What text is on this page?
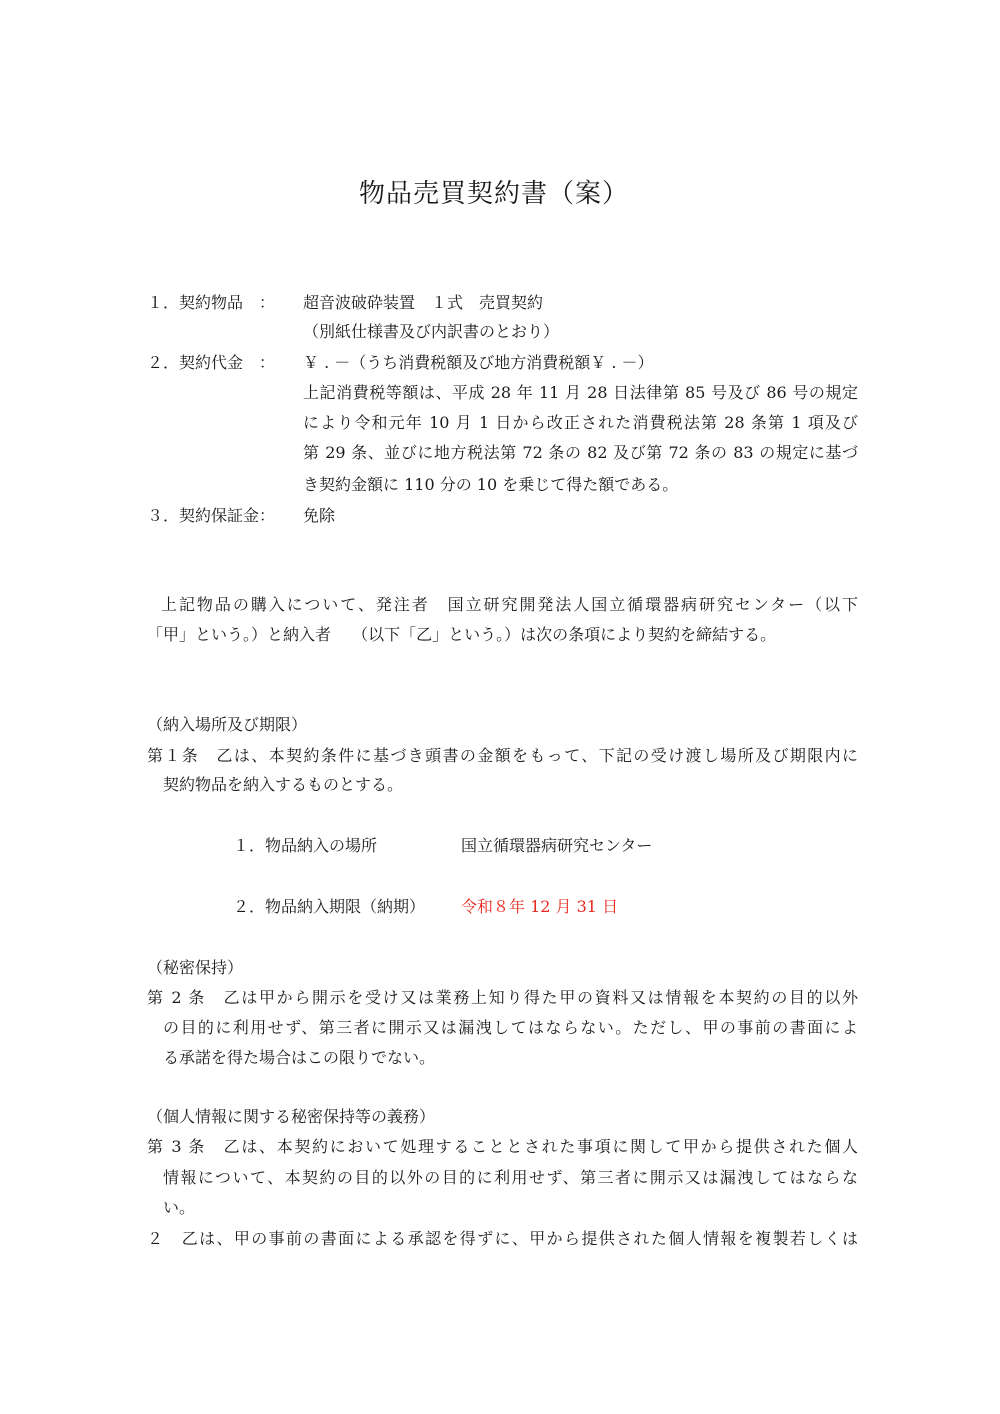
物品売買契約書（案）
１．契約物品　： 超音波破砕装置　１式　売買契約
（別紙仕様書及び内訳書のとおり）
２．契約代金　： ￥ . －（うち消費税額及び地方消費税額￥ . －）
上記消費税等額は、平成 28 年 11 月 28 日法律第 85 号及び 86 号の規定
により令和元年 10 月 1 日から改正された消費税法第 28 条第 1 項及び
第 29 条、並びに地方税法第 72 条の 82 及び第 72 条の 83 の規定に基づ
き契約金額に 110 分の 10 を乗じて得た額である。
３．契約保証金： 免除
上記物品の購入について、発注者　国立研究開発法人国立循環器病研究センター（以下
「甲」という。）と納入者　 （以下「乙」という。）は次の条項により契約を締結する。
（納入場所及び期限）
第１条　乙は、本契約条件に基づき頭書の金額をもって、下記の受け渡し場所及び期限内に
契約物品を納入するものとする。
１．物品納入の場所	国立循環器病研究センター
２．物品納入期限（納期） 令和８年 12 月 31 日
（秘密保持）
第 2 条　乙は甲から開示を受け又は業務上知り得た甲の資料又は情報を本契約の目的以外
の目的に利用せず、第三者に開示又は漏洩してはならない。ただし、甲の事前の書面によ
る承諾を得た場合はこの限りでない。
（個人情報に関する秘密保持等の義務）
第 3 条　乙は、本契約において処理することとされた事項に関して甲から提供された個人
情報について、本契約の目的以外の目的に利用せず、第三者に開示又は漏洩してはならな
い。
２　乙は、甲の事前の書面による承認を得ずに、甲から提供された個人情報を複製若しくは
